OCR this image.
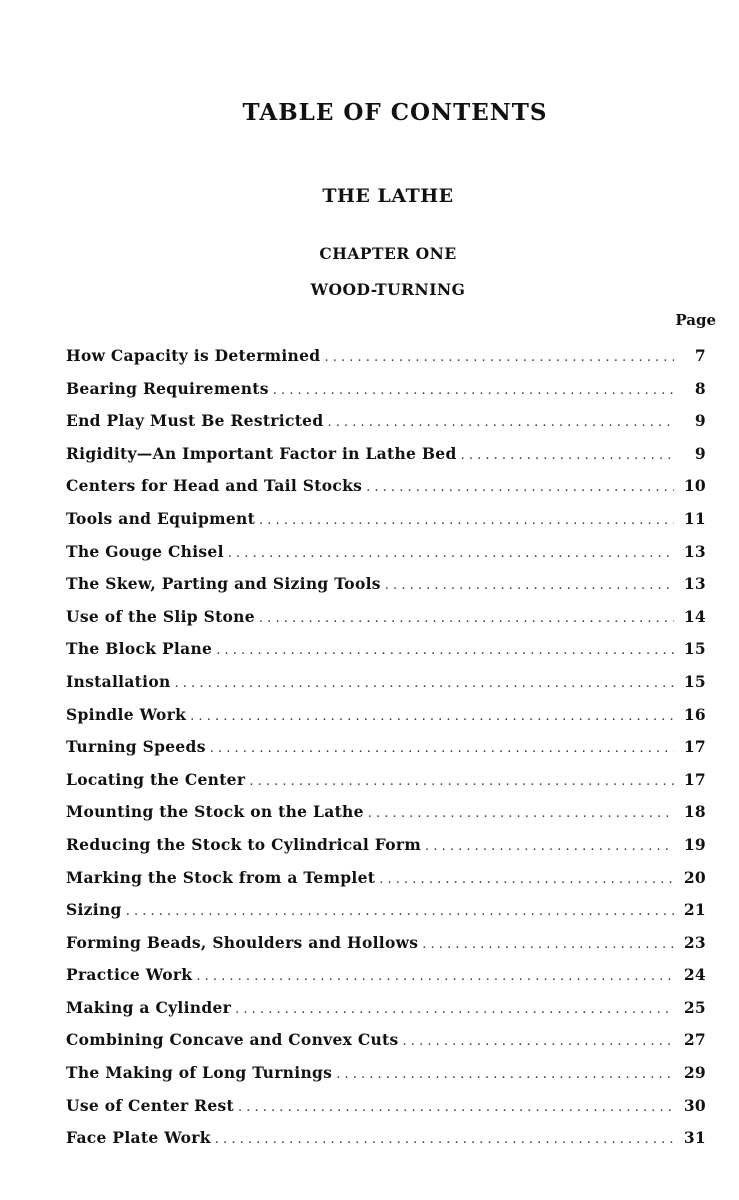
TABLE OF CONTENTS
THE LATHE
CHAPTER ONE
WOOD-TURNING
Page
How Capacity is Determined . . .	7
Bearing Requirements . . .	8
End Play Must Be Restricted . . .	9
Rigidity—An Important Factor in Lathe Bed . . .	9
Centers for Head and Tail Stocks . . .	10
Tools and Equipment . . .	11
The Gouge Chisel . . .	13
The Skew, Parting and Sizing Tools . . .	13
Use of the Slip Stone . . .	14
The Block Plane . . .	15
Installation . . .	15
Spindle Work . . .	16
Turning Speeds . . .	17
Locating the Center . . .	17
Mounting the Stock on the Lathe . . .	18
Reducing the Stock to Cylindrical Form . . .	19
Marking the Stock from a Templet . . .	20
Sizing . . .	21
Forming Beads, Shoulders and Hollows . . .	23
Practice Work . . .	24
Making a Cylinder . . .	25
Combining Concave and Convex Cuts . . .	27
The Making of Long Turnings . . .	29
Use of Center Rest . . .	30
Face Plate Work . . .	31
